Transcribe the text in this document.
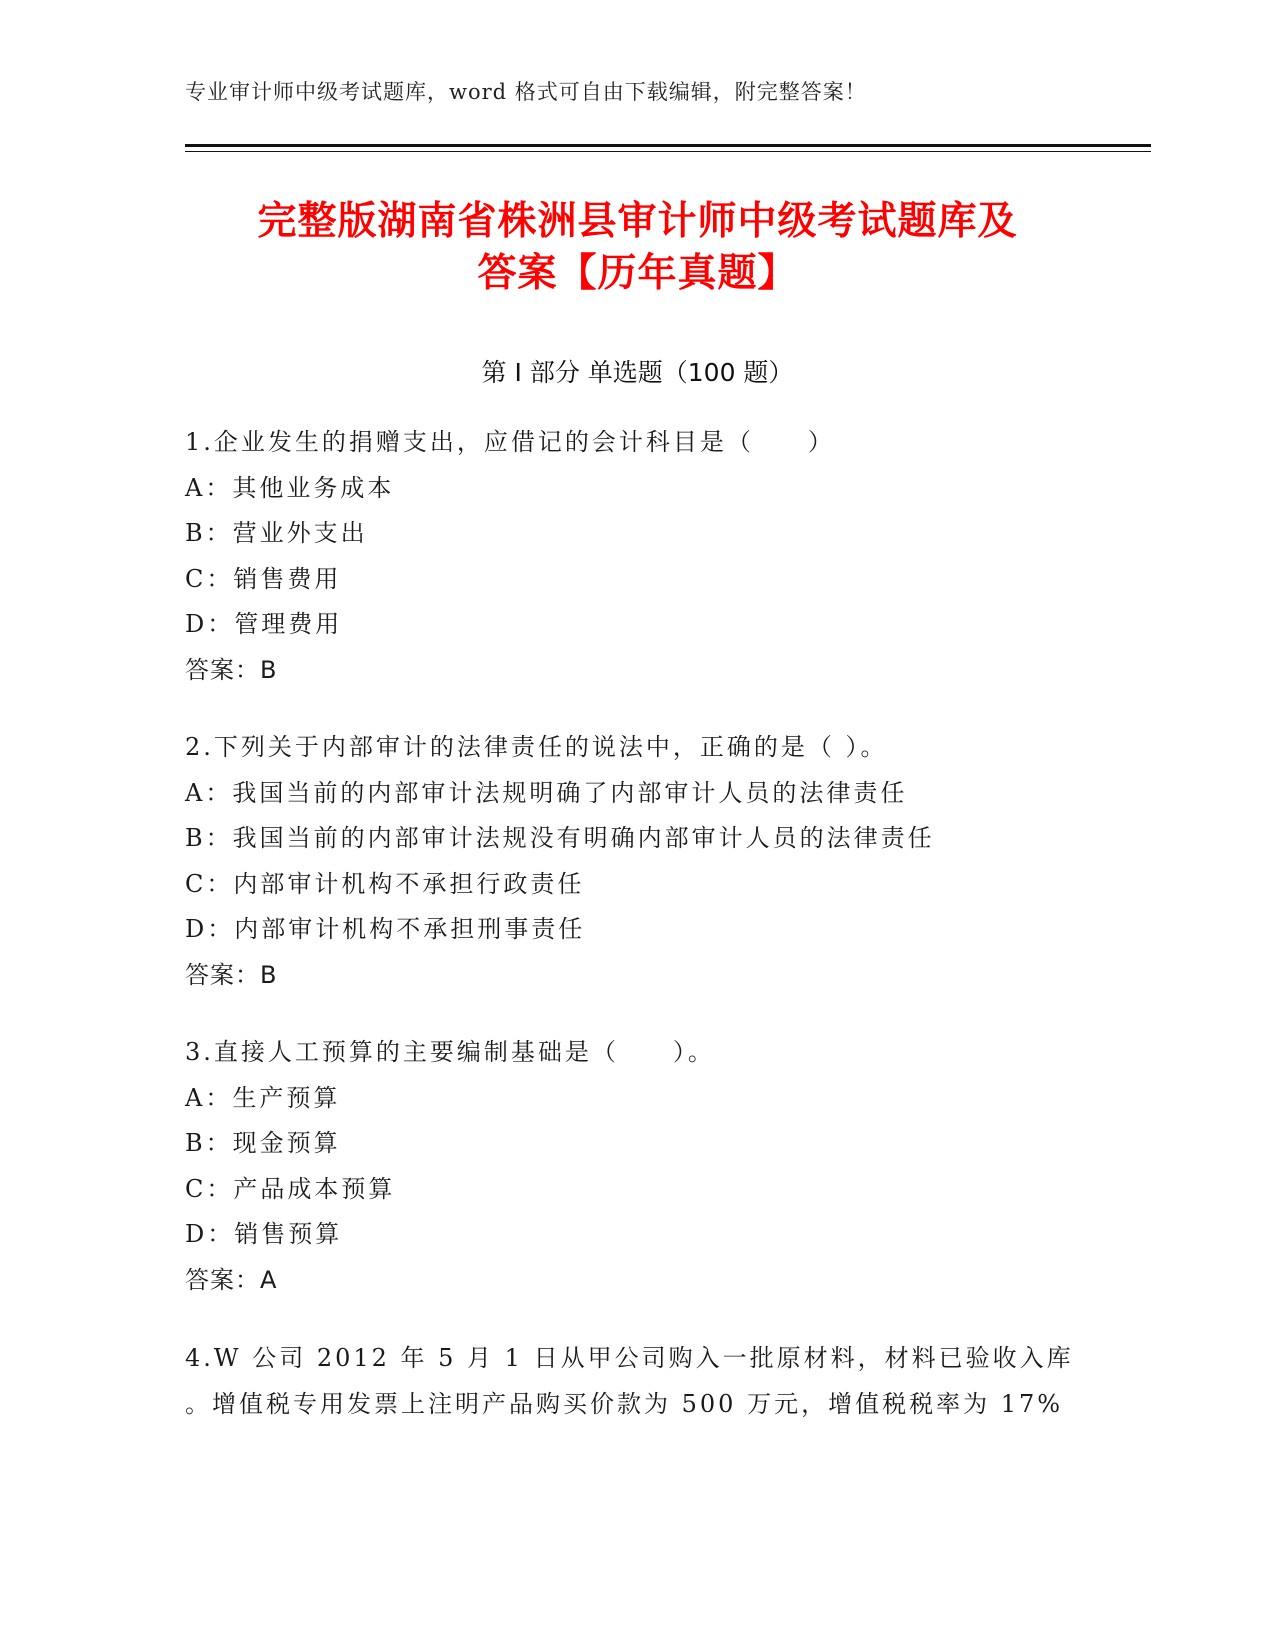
专业审计师中级考试题库，word 格式可自由下载编辑，附完整答案！
完整版湖南省株洲县审计师中级考试题库及
答案【历年真题】
第 I 部分 单选题（100 题）
1.企业发生的捐赠支出，应借记的会计科目是（　　）
A：其他业务成本
B：营业外支出
C：销售费用
D：管理费用
答案：B
2.下列关于内部审计的法律责任的说法中，正确的是（ ）。
A：我国当前的内部审计法规明确了内部审计人员的法律责任
B：我国当前的内部审计法规没有明确内部审计人员的法律责任
C：内部审计机构不承担行政责任
D：内部审计机构不承担刑事责任
答案：B
3.直接人工预算的主要编制基础是（　　）。
A：生产预算
B：现金预算
C：产品成本预算
D：销售预算
答案：A
4.W 公司 2012 年 5 月 1 日从甲公司购入一批原材料，材料已验收入库
。增值税专用发票上注明产品购买价款为 500 万元，增值税税率为 17%
